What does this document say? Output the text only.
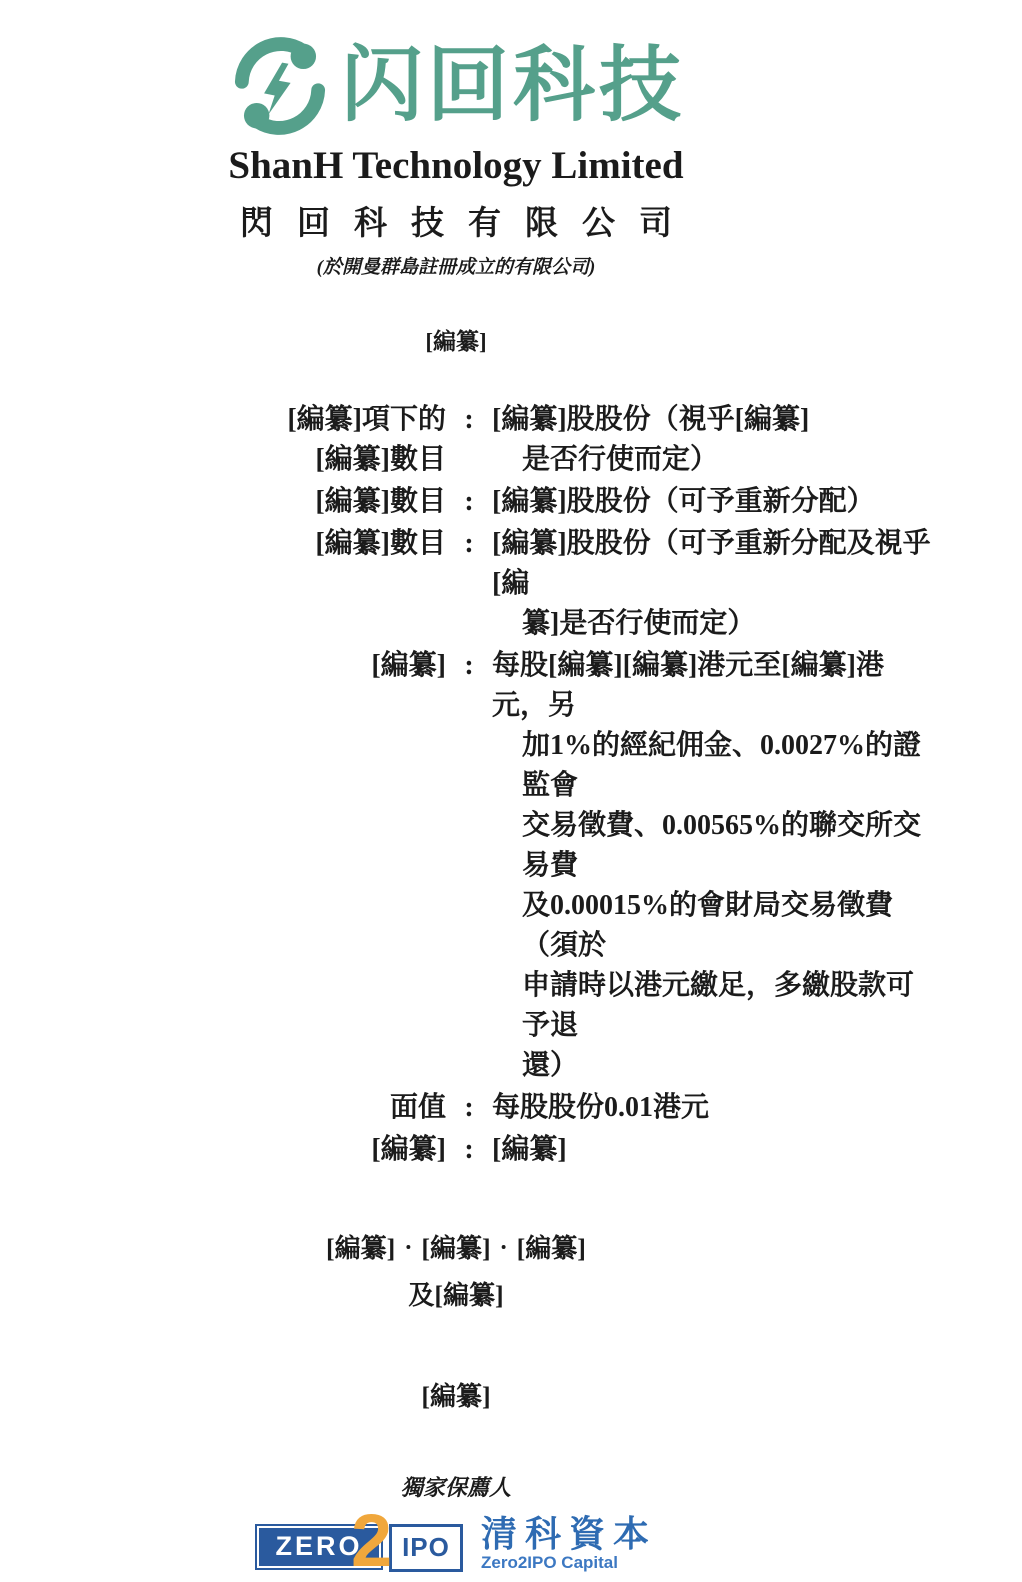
闪回科技
ShanH Technology Limited
閃回科技有限公司
(於開曼群島註冊成立的有限公司)
[編纂]
[編纂]項下的
[編纂]數目
: [編纂]股股份（視乎[編纂]
是否行使而定）
[編纂]數目 : [編纂]股股份（可予重新分配）
[編纂]數目 : [編纂]股股份（可予重新分配及視乎[編
纂]是否行使而定）
[編纂] : 每股[編纂][編纂]港元至[編纂]港元，另
加1%的經紀佣金、0.0027%的證監會
交易徵費、0.00565%的聯交所交易費
及0.00015%的會財局交易徵費（須於
申請時以港元繳足，多繳股款可予退
還）
面值 : 每股股份0.01港元
[編纂] : [編纂]
[編纂]‧[編纂]‧[編纂]
及[編纂]
[編纂]
獨家保薦人
ZERO
2 IPO 清科資本
Zero2IPO Capital
